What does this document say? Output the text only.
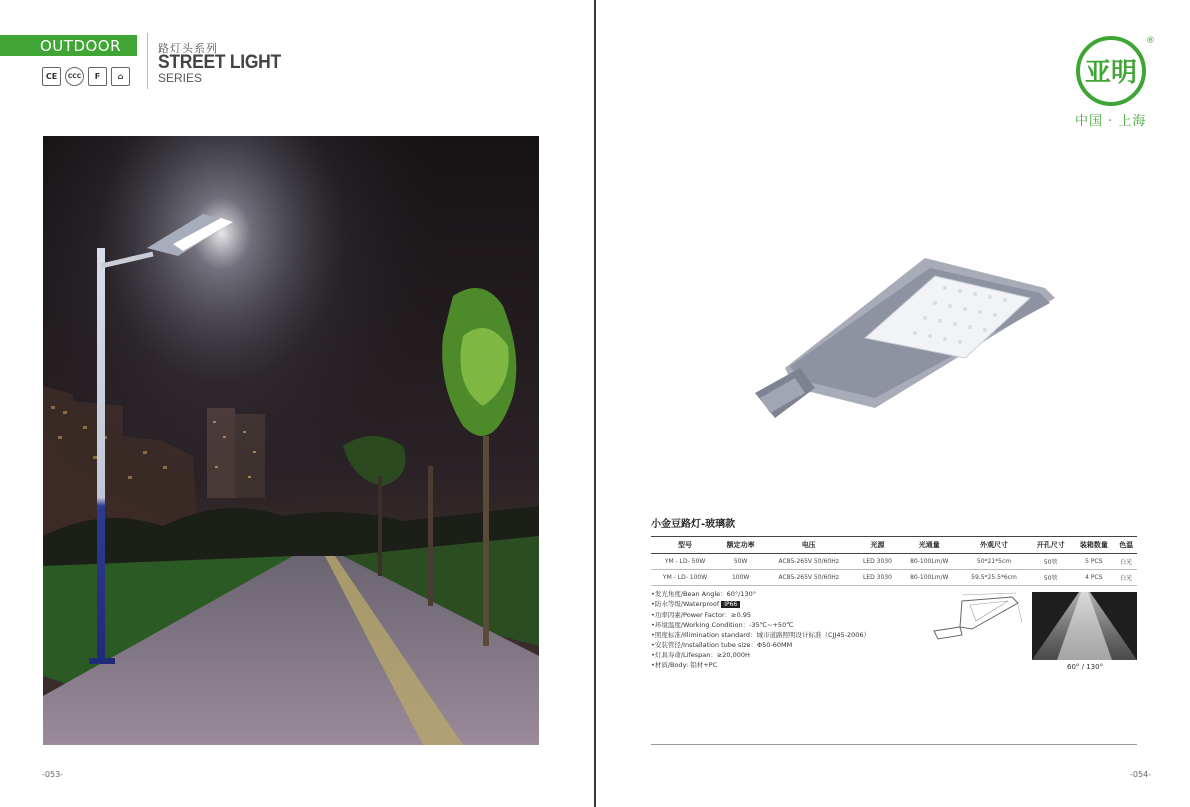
OUTDOOR
CE	CCC	F	⌂
路灯头系列
STREET LIGHT
SERIES
-053-
亚明
®
中国 · 上海
小金豆路灯-玻璃款
型号	额定功率	电压	光源	光通量	外观尺寸	开孔尺寸	装箱数量	色温
YM - LD- 50W	50W	AC85-265V 50/60Hz	LED 3030	80-100Lm/W	50*21*5cm	50管	5 PCS	白光
YM - LD- 100W	100W	AC85-265V 50/60Hz	LED 3030	80-100Lm/W	59.5*25.5*6cm	50管	4 PCS	白光
•发光角度/Bean Angle：60°/130°
•防水等级/Waterproof IP66
•功率因素/Power Factor：≥0.95
•环境温度/Working Condition：-35℃~+50℃
•照度标准/Illimination standard：城市道路照明设计标准（CJJ45-2006）
•安装管径/Installation tube size：Φ50-60MM
•灯具寿命/Lifespan：≥20,000H
•材质/Body: 铝材+PC	60° / 130°
-054-
